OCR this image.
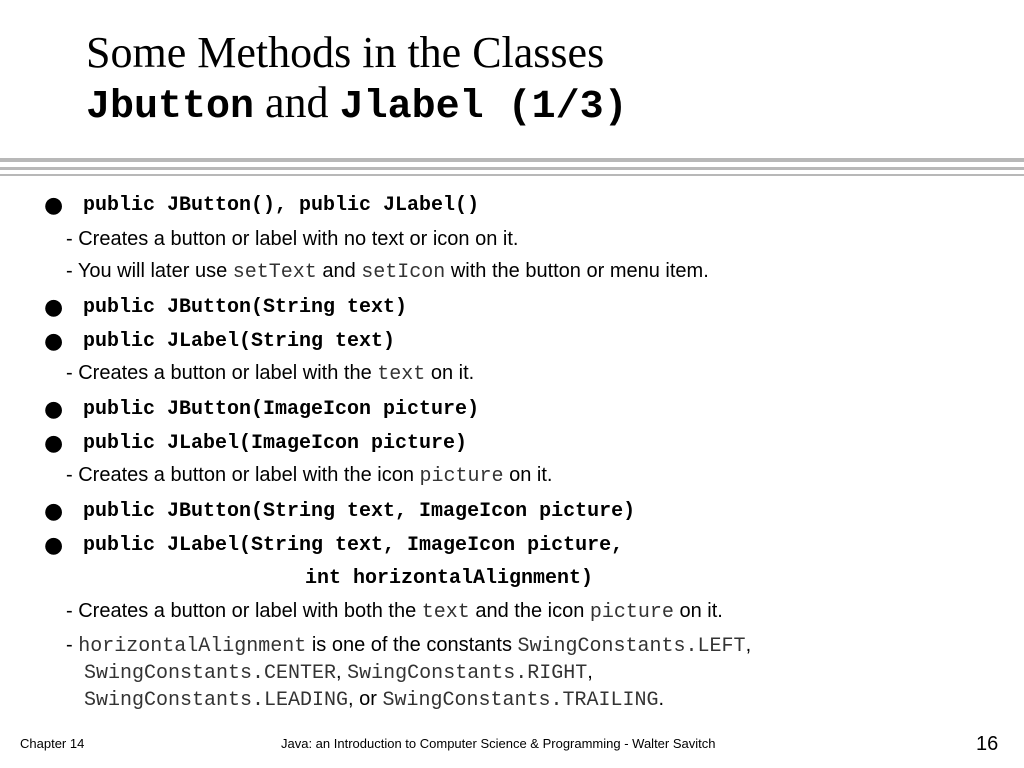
Some Methods in the Classes
Jbutton and Jlabel (1/3)
● public JButton(), public JLabel()
- Creates a button or label with no text or icon on it.
- You will later use setText and setIcon with the button or menu item.
● public JButton(String text)
● public JLabel(String text)
- Creates a button or label with the text on it.
● public JButton(ImageIcon picture)
● public JLabel(ImageIcon picture)
- Creates a button or label with the icon picture on it.
● public JButton(String text, ImageIcon picture)
● public JLabel(String text, ImageIcon picture,
int horizontalAlignment)
- Creates a button or label with both the text and the icon picture on it.
- horizontalAlignment is one of the constants SwingConstants.LEFT,
SwingConstants.CENTER, SwingConstants.RIGHT,
SwingConstants.LEADING, or SwingConstants.TRAILING.
Chapter 14	Java: an Introduction to Computer Science & Programming - Walter Savitch	16
